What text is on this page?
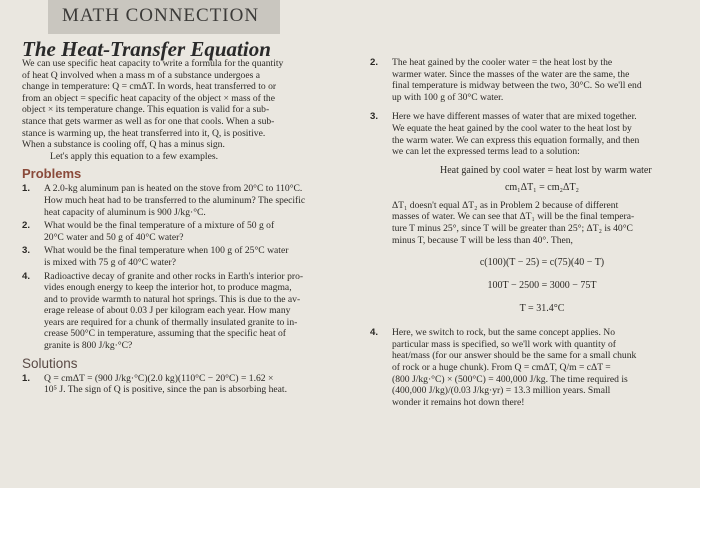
MATH CONNECTION
The Heat-Transfer Equation

We can use specific heat capacity to write a formula for the quantity

of heat Q involved when a mass m of a substance undergoes a

change in temperature: Q = cmΔT. In words, heat transferred to or

from an object = specific heat capacity of the object × mass of the

object × its temperature change. This equation is valid for a sub-

stance that gets warmer as well as for one that cools. When a sub-

stance is warming up, the heat transferred into it, Q, is positive.

When a substance is cooling off, Q has a minus sign.

Let's apply this equation to a few examples.

Problems
1. A 2.0-kg aluminum pan is heated on the stove from 20°C to 110°C.

How much heat had to be transferred to the aluminum? The specific

heat capacity of aluminum is 900 J/kg·°C.

2. What would be the final temperature of a mixture of 50 g of

20°C water and 50 g of 40°C water?

3. What would be the final temperature when 100 g of 25°C water

is mixed with 75 g of 40°C water?

4. Radioactive decay of granite and other rocks in Earth's interior pro-

vides enough energy to keep the interior hot, to produce magma,

and to provide warmth to natural hot springs. This is due to the av-

erage release of about 0.03 J per kilogram each year. How many

years are required for a chunk of thermally insulated granite to in-

crease 500°C in temperature, assuming that the specific heat of

granite is 800 J/kg·°C?

Solutions
1. Q = cmΔT = (900 J/kg·°C)(2.0 kg)(110°C − 20°C) = 1.62 ×

10⁵ J. The sign of Q is positive, since the pan is absorbing heat.

2. The heat gained by the cooler water = the heat lost by the

warmer water. Since the masses of the water are the same, the

final temperature is midway between the two, 30°C. So we'll end

up with 100 g of 30°C water.

3. Here we have different masses of water that are mixed together.

We equate the heat gained by the cool water to the heat lost by

the warm water. We can express this equation formally, and then

we can let the expressed terms lead to a solution:

Heat gained by cool water = heat lost by warm water

cm₁ΔT₁ = cm₂ΔT₂

ΔT₁ doesn't equal ΔT₂ as in Problem 2 because of different

masses of water. We can see that ΔT₁ will be the final tempera-

ture T minus 25°, since T will be greater than 25°; ΔT₂ is 40°C

minus T, because T will be less than 40°. Then,

c(100)(T − 25) = c(75)(40 − T)

100T − 2500 = 3000 − 75T

T = 31.4°C

4. Here, we switch to rock, but the same concept applies. No

particular mass is specified, so we'll work with quantity of

heat/mass (for our answer should be the same for a small chunk

of rock or a huge chunk). From Q = cmΔT, Q/m = cΔT =

(800 J/kg·°C) × (500°C) = 400,000 J/kg. The time required is

(400,000 J/kg)/(0.03 J/kg·yr) = 13.3 million years. Small

wonder it remains hot down there!
